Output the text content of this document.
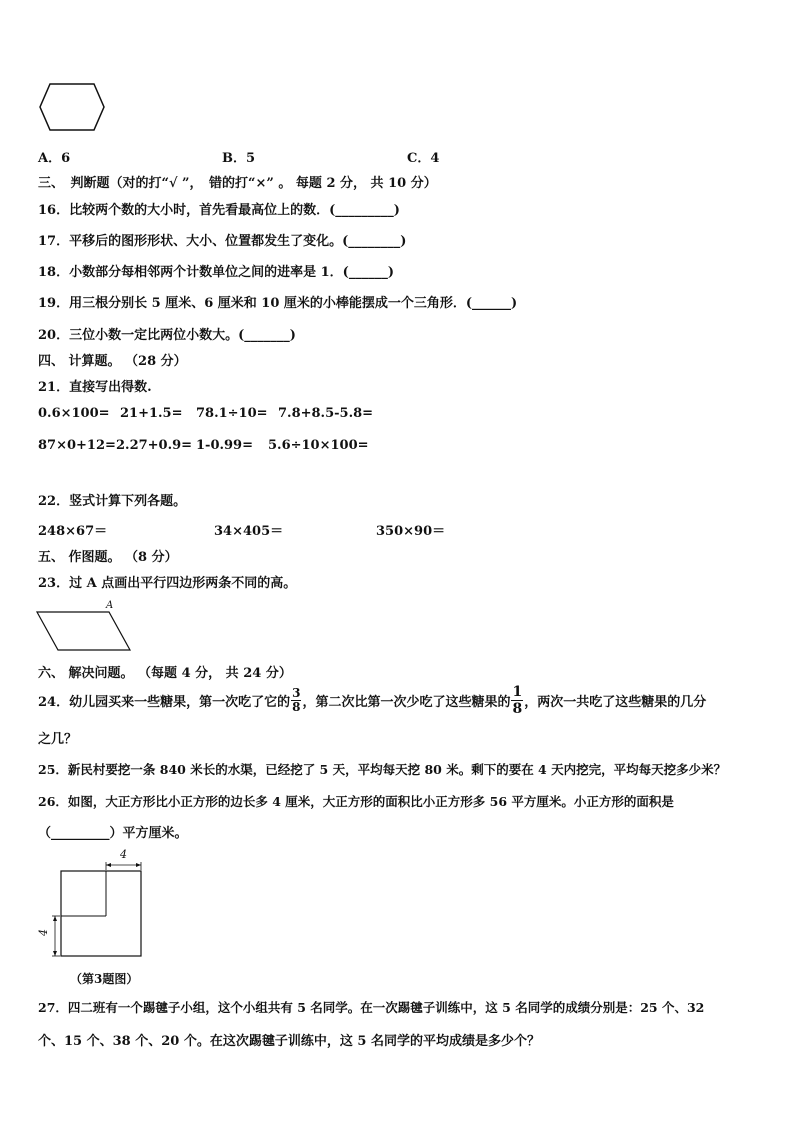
A．6	B．5	C．4
三、　判断题（对的打“√ ”，　错的打“×” 。 每题 2 分， 共 10 分）
16．比较两个数的大小时，首先看最高位上的数．(_________)
17．平移后的图形形状、大小、位置都发生了变化。(________)
18．小数部分每相邻两个计数单位之间的进率是 1．(______)
19．用三根分别长 5 厘米、6 厘米和 10 厘米的小棒能摆成一个三角形．(______)
20．三位小数一定比两位小数大。(_______)
四、 计算题。 （28 分）
21．直接写出得数.
0.6×100= 21+1.5= 78.1÷10= 7.8+8.5-5.8=
87×0+12= 2.27+0.9= 1-0.99= 5.6÷10×100=
22．竖式计算下列各题。
248×67＝	34×405＝	350×90＝
五、 作图题。 （8 分）
23．过 A 点画出平行四边形两条不同的高。
A
六、 解决问题。 （每题 4 分， 共 24 分）
24．幼儿园买来一些糖果，第一次吃了它的 $\frac{3}{8}$ ，第二次比第一次少吃了这些糖果的 $\frac{1}{8}$ ，两次一共吃了这些糖果的几分
之几？
25．新民村要挖一条 840 米长的水渠，已经挖了 5 天，平均每天挖 80 米。剩下的要在 4 天内挖完，平均每天挖多少米？
26．如图，大正方形比小正方形的边长多 4 厘米，大正方形的面积比小正方形多 56 平方厘米。小正方形的面积是
（_________）平方厘米。
4
4
（第3题图）
27．四二班有一个踢毽子小组，这个小组共有 5 名同学。在一次踢毽子训练中，这 5 名同学的成绩分别是：25 个、32
个、15 个、38 个、20 个。在这次踢毽子训练中，这 5 名同学的平均成绩是多少个？
